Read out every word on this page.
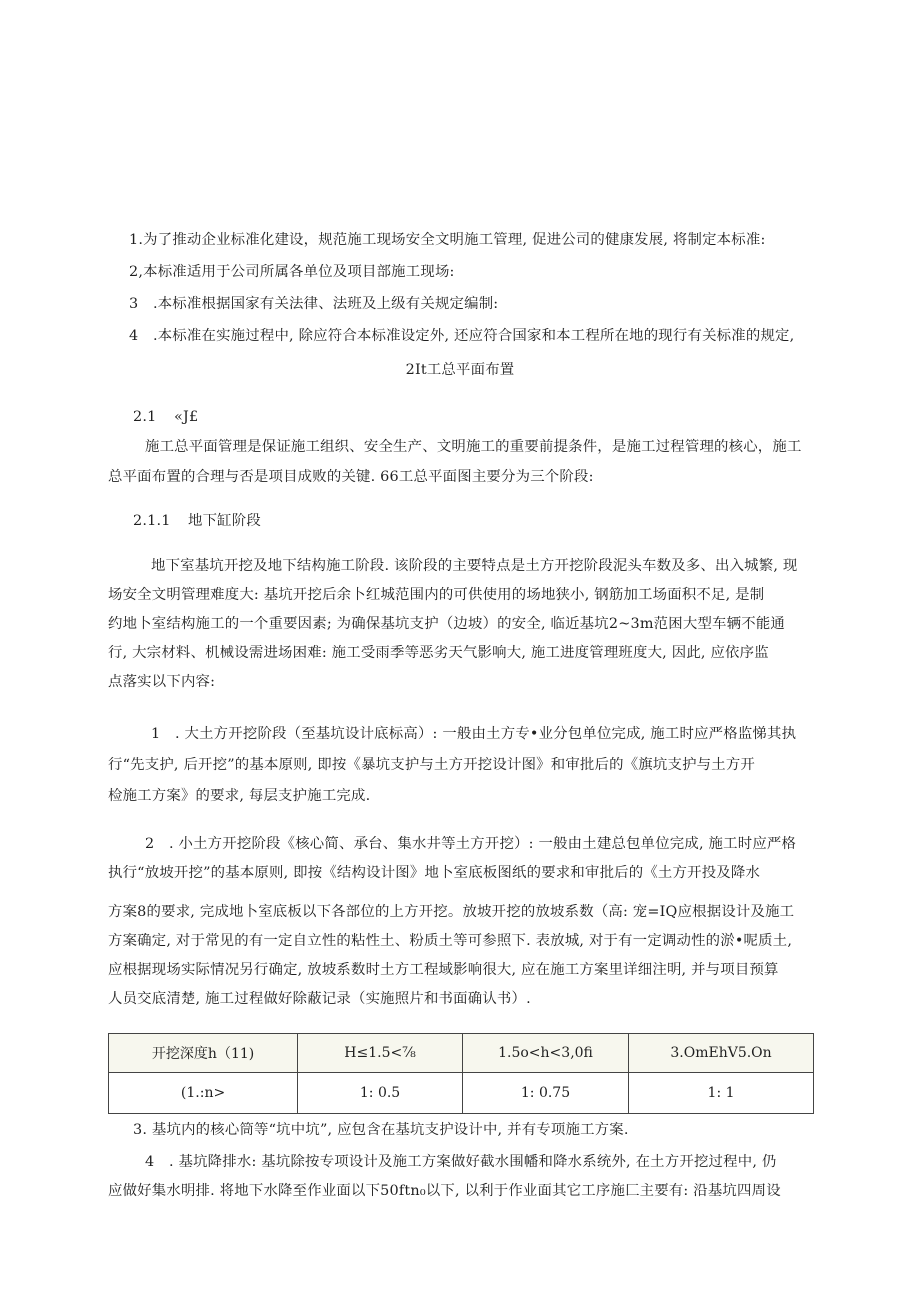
1.为了推动企业标准化建设，规范施工现场安全文明施工管理, 促进公司的健康发展, 将制定本标准:
2,本标准适用于公司所属各单位及项目部施工现场:
3　.本标准根据国家有关法律、法班及上级有关规定编制:
4　.本标准在实施过程中, 除应符合本标准设定外, 还应符合国家和本工程所在地的现行有关标准的规定,
2It工总平面布置
2.1 «J£
施工总平面管理是保证施工组织、安全生产、文明施工的重要前提条件，是施工过程管理的核心，施工
总平面布置的合理与否是项目成败的关键. 66工总平面图主要分为三个阶段:
2.1.1 地下缸阶段
地下室基坑开挖及地下结构施工阶段. 该阶段的主要特点是土方开挖阶段泥头车数及多、出入城繁, 现
场安全文明管理难度大: 基坑开挖后余卜红城范围内的可供使用的场地狭小, 钢筋加工场面积不足, 是制
约地卜室结构施工的一个重要因素; 为确保基坑支护（边坡）的安全, 临近基坑2~3m范困大型车辆不能通
行, 大宗材料、机械设需进场困难: 施工受雨季等恶劣天气影响大, 施工进度管理班度大, 因此, 应依序监
点落实以下内容:
1　. 大土方开挖阶段（至基坑设计底标高）: 一般由土方专•业分包单位完成, 施工时应严格监悌其执
行“先支护, 后开挖”的基本原则, 即按《暴坑支护与土方开挖设计图》和审批后的《旗坑支护与土方开
检施工方案》的要求, 每层支护施工完成.
2　. 小土方开挖阶段《核心简、承台、集水井等土方开挖）: 一般由土建总包单位完成, 施工时应严格
执行“放坡开挖”的基本原则, 即按《结构设计图》地卜室底板图纸的要求和审批后的《土方开投及降水
方案8的要求, 完成地卜室底板以下各部位的上方开挖。放坡开挖的放坡系数（高: 宠=IQ应根据设计及施工
方案确定, 对于常见的有一定自立性的粘性土、粉质土等可参照下. 表放城, 对于有一定调动性的淤•呢质土,
应根据现场实际情况另行确定, 放坡系数时土方工程域影响很大, 应在施工方案里详细注明, 并与项目预算
人员交底清楚, 施工过程做好除蔽记录（实施照片和书面确认书）.
开挖深度h（11)	H≤1.5<⅞	1.5o<h<3,0fi	3.OmEhV5.On
(1.:n>	1: 0.5	1: 0.75	1: 1
3. 基坑内的核心筒等“坑中坑”, 应包含在基坑支护设计中, 并有专项施工方案.
4　. 基坑降排水: 基坑除按专项设计及施工方案做好截水围幡和降水系统外, 在土方开挖过程中, 仍
应做好集水明排. 将地下水降至作业面以下50ftn₀以下, 以利于作业面其它工序施匚主要有: 沿基坑四周设
